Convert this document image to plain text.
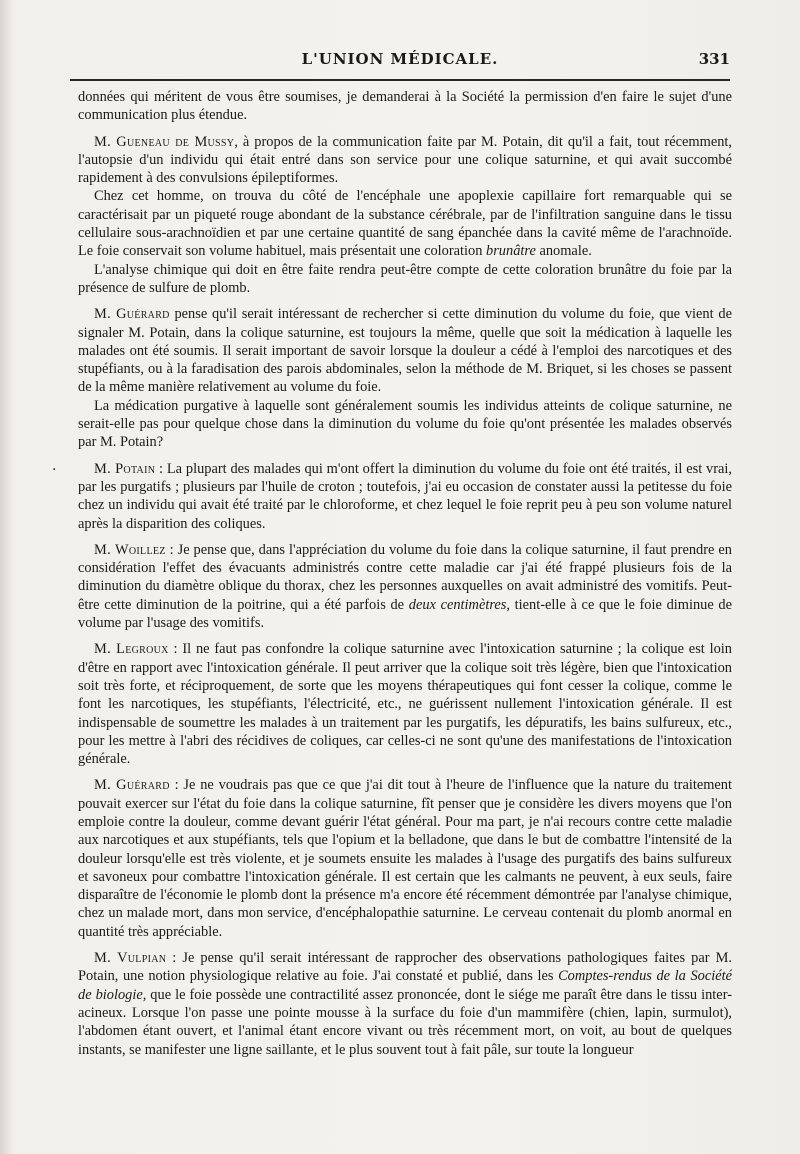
L'UNION MÉDICALE.	331
.

données qui méritent de vous être soumises, je demanderai à la Société la permission d'en faire le sujet d'une communication plus étendue.

M. Gueneau de Mussy, à propos de la communication faite par M. Potain, dit qu'il a fait, tout récemment, l'autopsie d'un individu qui était entré dans son service pour une colique saturnine, et qui avait succombé rapidement à des convulsions épileptiformes.

Chez cet homme, on trouva du côté de l'encéphale une apoplexie capillaire fort remarquable qui se caractérisait par un piqueté rouge abondant de la substance cérébrale, par de l'infiltration sanguine dans le tissu cellulaire sous-arachnoïdien et par une certaine quantité de sang épanchée dans la cavité même de l'arachnoïde. Le foie conservait son volume habituel, mais présentait une coloration brunâtre anomale.

L'analyse chimique qui doit en être faite rendra peut-être compte de cette coloration brunâtre du foie par la présence de sulfure de plomb.

M. Guérard pense qu'il serait intéressant de rechercher si cette diminution du volume du foie, que vient de signaler M. Potain, dans la colique saturnine, est toujours la même, quelle que soit la médication à laquelle les malades ont été soumis. Il serait important de savoir lorsque la douleur a cédé à l'emploi des narcotiques et des stupéfiants, ou à la faradisation des parois abdominales, selon la méthode de M. Briquet, si les choses se passent de la même manière relativement au volume du foie.

La médication purgative à laquelle sont généralement soumis les individus atteints de colique saturnine, ne serait-elle pas pour quelque chose dans la diminution du volume du foie qu'ont présentée les malades observés par M. Potain?

M. Potain : La plupart des malades qui m'ont offert la diminution du volume du foie ont été traités, il est vrai, par les purgatifs ; plusieurs par l'huile de croton ; toutefois, j'ai eu occasion de constater aussi la petitesse du foie chez un individu qui avait été traité par le chloroforme, et chez lequel le foie reprit peu à peu son volume naturel après la disparition des coliques.

M. Woillez : Je pense que, dans l'appréciation du volume du foie dans la colique saturnine, il faut prendre en considération l'effet des évacuants administrés contre cette maladie car j'ai été frappé plusieurs fois de la diminution du diamètre oblique du thorax, chez les personnes auxquelles on avait administré des vomitifs. Peut-être cette diminution de la poitrine, qui a été parfois de deux centimètres, tient-elle à ce que le foie diminue de volume par l'usage des vomitifs.

M. Legroux : Il ne faut pas confondre la colique saturnine avec l'intoxication saturnine ; la colique est loin d'être en rapport avec l'intoxication générale. Il peut arriver que la colique soit très légère, bien que l'intoxication soit très forte, et réciproquement, de sorte que les moyens thérapeutiques qui font cesser la colique, comme le font les narcotiques, les stupéfiants, l'électricité, etc., ne guérissent nullement l'intoxication générale. Il est indispensable de soumettre les malades à un traitement par les purgatifs, les dépuratifs, les bains sulfureux, etc., pour les mettre à l'abri des récidives de coliques, car celles-ci ne sont qu'une des manifestations de l'intoxication générale.

M. Guérard : Je ne voudrais pas que ce que j'ai dit tout à l'heure de l'influence que la nature du traitement pouvait exercer sur l'état du foie dans la colique saturnine, fît penser que je considère les divers moyens que l'on emploie contre la douleur, comme devant guérir l'état général. Pour ma part, je n'ai recours contre cette maladie aux narcotiques et aux stupéfiants, tels que l'opium et la belladone, que dans le but de combattre l'intensité de la douleur lorsqu'elle est très violente, et je soumets ensuite les malades à l'usage des purgatifs des bains sulfureux et savoneux pour combattre l'intoxication générale. Il est certain que les calmants ne peuvent, à eux seuls, faire disparaître de l'économie le plomb dont la présence m'a encore été récemment démontrée par l'analyse chimique, chez un malade mort, dans mon service, d'encéphalopathie saturnine. Le cerveau contenait du plomb anormal en quantité très appréciable.

M. Vulpian : Je pense qu'il serait intéressant de rapprocher des observations pathologiques faites par M. Potain, une notion physiologique relative au foie. J'ai constaté et publié, dans les Comptes-rendus de la Société de biologie, que le foie possède une contractilité assez prononcée, dont le siége me paraît être dans le tissu inter-acineux. Lorsque l'on passe une pointe mousse à la surface du foie d'un mammifère (chien, lapin, surmulot), l'abdomen étant ouvert, et l'animal étant encore vivant ou très récemment mort, on voit, au bout de quelques instants, se manifester une ligne saillante, et le plus souvent tout à fait pâle, sur toute la longueur
